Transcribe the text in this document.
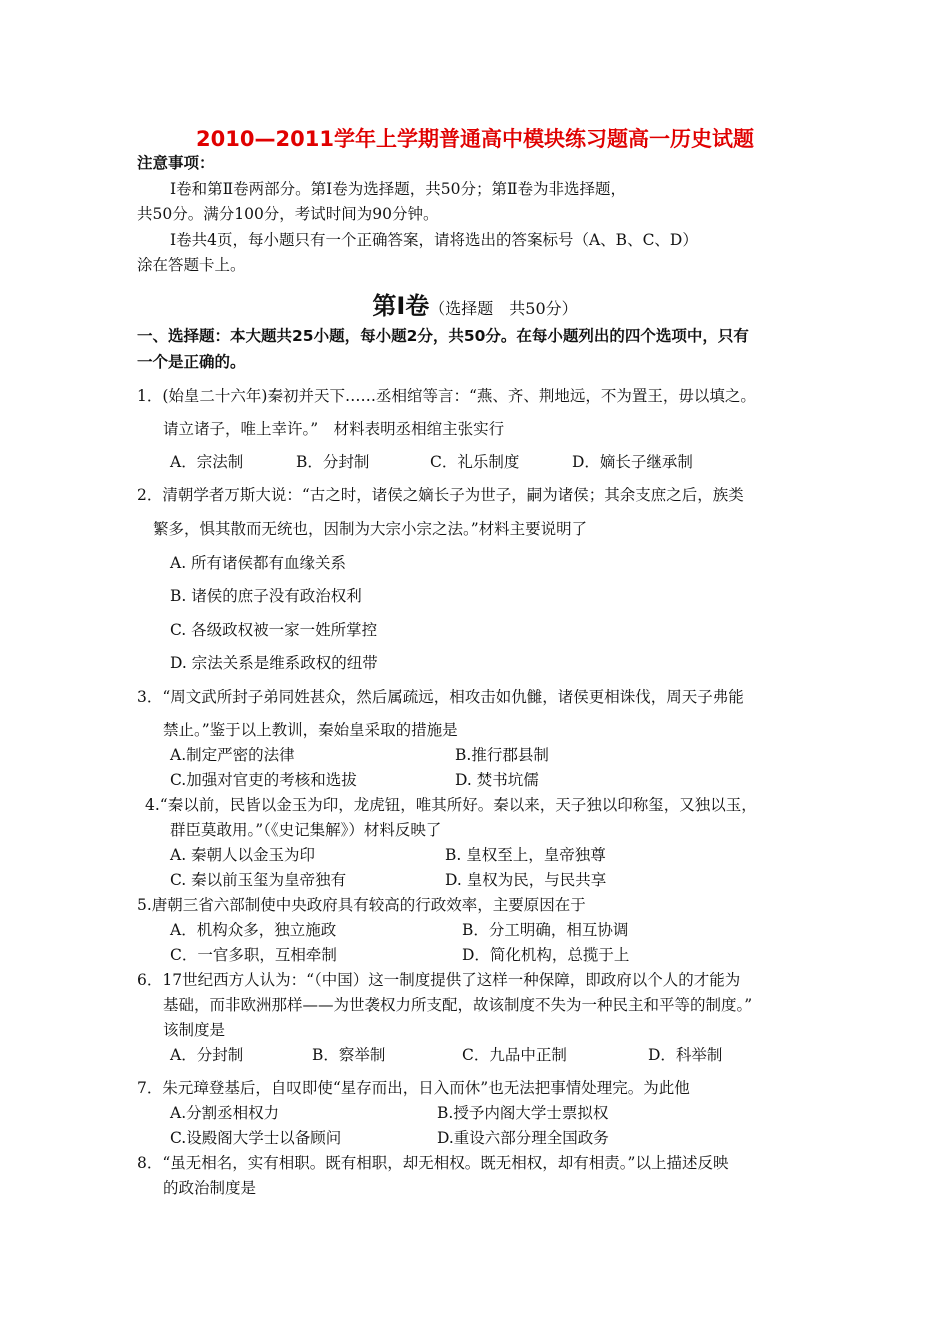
2010—2011学年上学期普通高中模块练习题高一历史试题
注意事项：
Ⅰ卷和第Ⅱ卷两部分。第Ⅰ卷为选择题，共50分；第Ⅱ卷为非选择题，
共50分。满分100分，考试时间为90分钟。
Ⅰ卷共4页，每小题只有一个正确答案，请将选出的答案标号（A、B、C、D）
涂在答题卡上。
第Ⅰ卷（选择题　共50分）
一、选择题：本大题共25小题，每小题2分，共50分。在每小题列出的四个选项中，只有
一个是正确的。
1．(始皇二十六年)秦初并天下……丞相绾等言：“燕、齐、荆地远，不为置王，毋以填之。
请立诸子，唯上幸许。”　材料表明丞相绾主张实行
A．宗法制	B．分封制	C．礼乐制度	D．嫡长子继承制
2．清朝学者万斯大说：“古之时，诸侯之嫡长子为世子，嗣为诸侯；其余支庶之后，族类
繁多，惧其散而无统也，因制为大宗小宗之法。”材料主要说明了
A. 所有诸侯都有血缘关系
B. 诸侯的庶子没有政治权利
C. 各级政权被一家一姓所掌控
D. 宗法关系是维系政权的纽带
3．“周文武所封子弟同姓甚众，然后属疏远，相攻击如仇雠，诸侯更相诛伐，周天子弗能
禁止。”鉴于以上教训，秦始皇采取的措施是
A.制定严密的法律	B.推行郡县制
C.加强对官吏的考核和选拔	D. 焚书坑儒
4.“秦以前，民皆以金玉为印，龙虎钮，唯其所好。秦以来，天子独以印称玺，又独以玉，
群臣莫敢用。”（《史记集解》）材料反映了
A. 秦朝人以金玉为印	B. 皇权至上，皇帝独尊
C. 秦以前玉玺为皇帝独有	D. 皇权为民，与民共享
5.唐朝三省六部制使中央政府具有较高的行政效率，主要原因在于
A．机构众多，独立施政	B．分工明确，相互协调
C．一官多职，互相牵制	D．简化机构，总揽于上
6．17世纪西方人认为：“（中国）这一制度提供了这样一种保障，即政府以个人的才能为
基础，而非欧洲那样——为世袭权力所支配，故该制度不失为一种民主和平等的制度。”
该制度是
A．分封制	B．察举制	C．九品中正制	D．科举制
7．朱元璋登基后，自叹即使“星存而出，日入而休”也无法把事情处理完。为此他
A.分割丞相权力	B.授予内阁大学士票拟权
C.设殿阁大学士以备顾问	D.重设六部分理全国政务
8．“虽无相名，实有相职。既有相职，却无相权。既无相权，却有相责。”以上描述反映
的政治制度是
